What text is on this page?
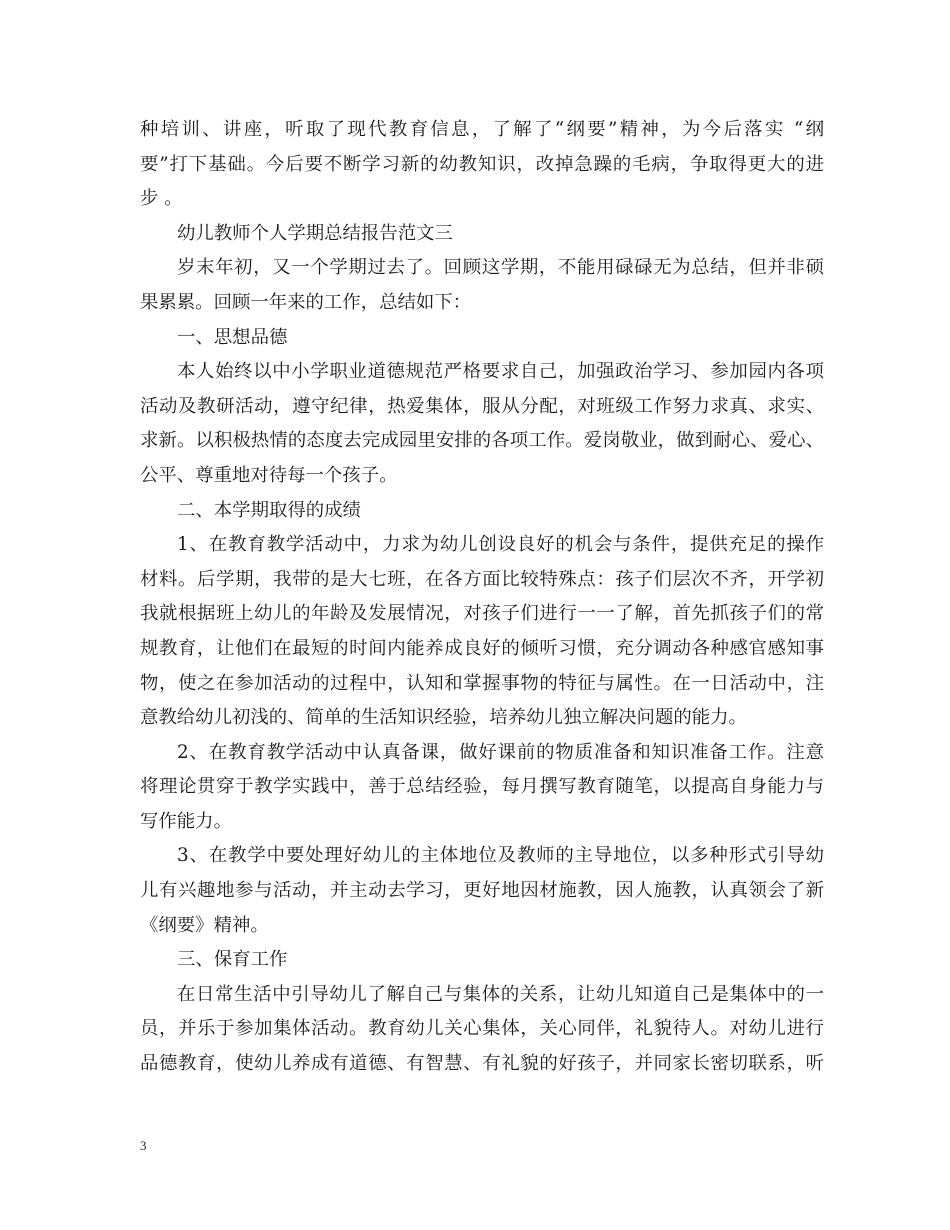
种培训、讲座，听取了现代教育信息，了解了“纲要”精神，为今后落实 “纲
要”打下基础。今后要不断学习新的幼教知识，改掉急躁的毛病，争取得更大的进
步 。
幼儿教师个人学期总结报告范文三
岁末年初，又一个学期过去了。回顾这学期，不能用碌碌无为总结，但并非硕
果累累。回顾一年来的工作，总结如下：
一、思想品德
本人始终以中小学职业道德规范严格要求自己，加强政治学习、参加园内各项
活动及教研活动，遵守纪律，热爱集体，服从分配，对班级工作努力求真、求实、
求新。以积极热情的态度去完成园里安排的各项工作。爱岗敬业，做到耐心、爱心、
公平、尊重地对待每一个孩子。
二、本学期取得的成绩
1、在教育教学活动中，力求为幼儿创设良好的机会与条件，提供充足的操作
材料。后学期，我带的是大七班，在各方面比较特殊点：孩子们层次不齐，开学初
我就根据班上幼儿的年龄及发展情况，对孩子们进行一一了解，首先抓孩子们的常
规教育，让他们在最短的时间内能养成良好的倾听习惯，充分调动各种感官感知事
物，使之在参加活动的过程中，认知和掌握事物的特征与属性。在一日活动中，注
意教给幼儿初浅的、简单的生活知识经验，培养幼儿独立解决问题的能力。
2、在教育教学活动中认真备课，做好课前的物质准备和知识准备工作。注意
将理论贯穿于教学实践中，善于总结经验，每月撰写教育随笔，以提高自身能力与
写作能力。
3、在教学中要处理好幼儿的主体地位及教师的主导地位，以多种形式引导幼
儿有兴趣地参与活动，并主动去学习，更好地因材施教，因人施教，认真领会了新
《纲要》精神。
三、保育工作
在日常生活中引导幼儿了解自己与集体的关系，让幼儿知道自己是集体中的一
员，并乐于参加集体活动。教育幼儿关心集体，关心同伴，礼貌待人。对幼儿进行
品德教育，使幼儿养成有道德、有智慧、有礼貌的好孩子，并同家长密切联系，听
3
